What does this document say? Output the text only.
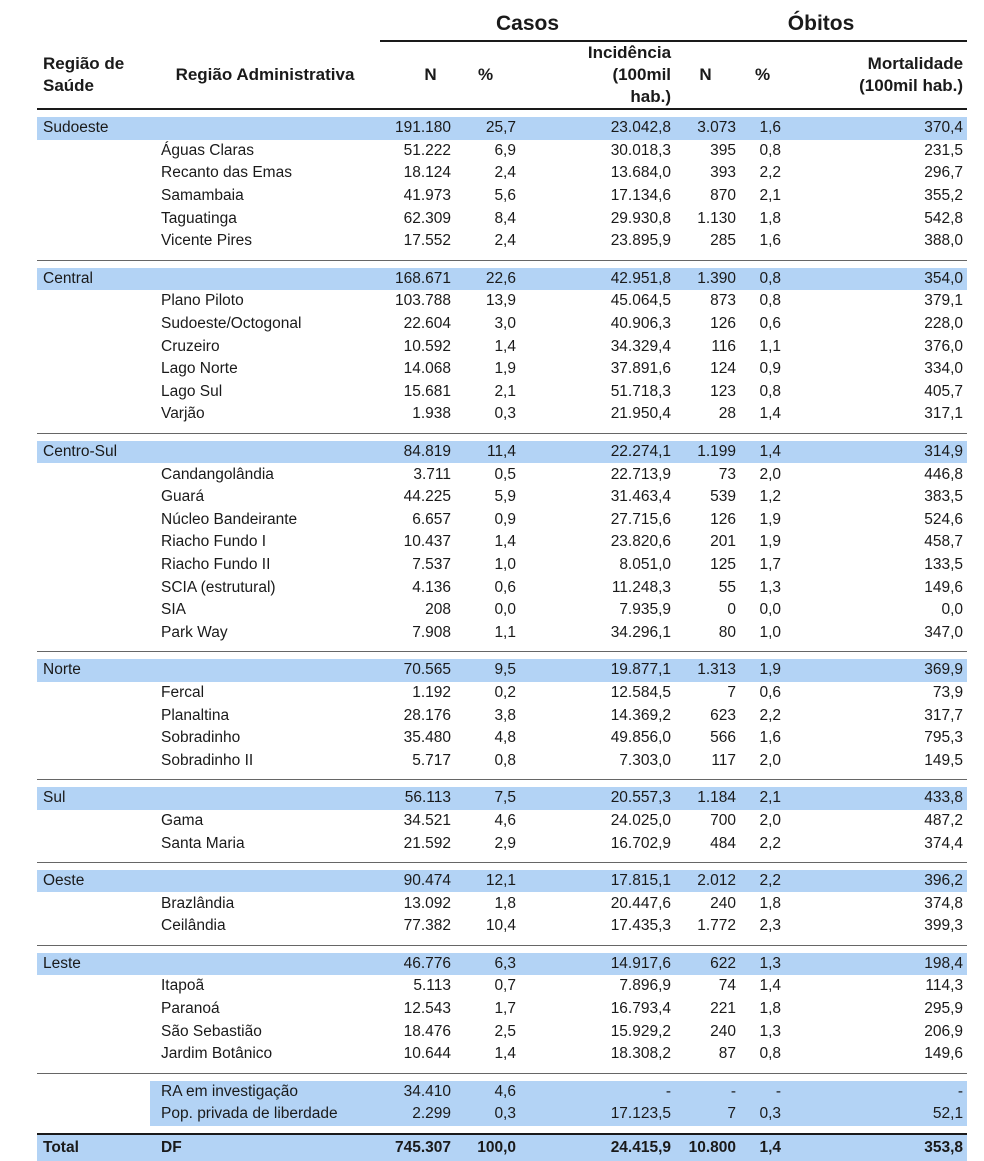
		Casos			Óbitos		
Região de Saúde	Região Administrativa	N	%	Incidência (100mil hab.)	N	%	Mortalidade (100mil hab.)

Sudoeste		191.180	25,7	23.042,8	3.073	1,6	370,4
	Águas Claras	51.222	6,9	30.018,3	395	0,8	231,5
	Recanto das Emas	18.124	2,4	13.684,0	393	2,2	296,7
	Samambaia	41.973	5,6	17.134,6	870	2,1	355,2
	Taguatinga	62.309	8,4	29.930,8	1.130	1,8	542,8
	Vicente Pires	17.552	2,4	23.895,9	285	1,6	388,0

Central		168.671	22,6	42.951,8	1.390	0,8	354,0
	Plano Piloto	103.788	13,9	45.064,5	873	0,8	379,1
	Sudoeste/Octogonal	22.604	3,0	40.906,3	126	0,6	228,0
	Cruzeiro	10.592	1,4	34.329,4	116	1,1	376,0
	Lago Norte	14.068	1,9	37.891,6	124	0,9	334,0
	Lago Sul	15.681	2,1	51.718,3	123	0,8	405,7
	Varjão	1.938	0,3	21.950,4	28	1,4	317,1

Centro-Sul		84.819	11,4	22.274,1	1.199	1,4	314,9
	Candangolândia	3.711	0,5	22.713,9	73	2,0	446,8
	Guará	44.225	5,9	31.463,4	539	1,2	383,5
	Núcleo Bandeirante	6.657	0,9	27.715,6	126	1,9	524,6
	Riacho Fundo I	10.437	1,4	23.820,6	201	1,9	458,7
	Riacho Fundo II	7.537	1,0	8.051,0	125	1,7	133,5
	SCIA (estrutural)	4.136	0,6	11.248,3	55	1,3	149,6
	SIA	208	0,0	7.935,9	0	0,0	0,0
	Park Way	7.908	1,1	34.296,1	80	1,0	347,0

Norte		70.565	9,5	19.877,1	1.313	1,9	369,9
	Fercal	1.192	0,2	12.584,5	7	0,6	73,9
	Planaltina	28.176	3,8	14.369,2	623	2,2	317,7
	Sobradinho	35.480	4,8	49.856,0	566	1,6	795,3
	Sobradinho II	5.717	0,8	7.303,0	117	2,0	149,5

Sul		56.113	7,5	20.557,3	1.184	2,1	433,8
	Gama	34.521	4,6	24.025,0	700	2,0	487,2
	Santa Maria	21.592	2,9	16.702,9	484	2,2	374,4

Oeste		90.474	12,1	17.815,1	2.012	2,2	396,2
	Brazlândia	13.092	1,8	20.447,6	240	1,8	374,8
	Ceilândia	77.382	10,4	17.435,3	1.772	2,3	399,3

Leste		46.776	6,3	14.917,6	622	1,3	198,4
	Itapoã	5.113	0,7	7.896,9	74	1,4	114,3
	Paranoá	12.543	1,7	16.793,4	221	1,8	295,9
	São Sebastião	18.476	2,5	15.929,2	240	1,3	206,9
	Jardim Botânico	10.644	1,4	18.308,2	87	0,8	149,6

	RA em investigação	34.410	4,6	-	-	-	-
	Pop. privada de liberdade	2.299	0,3	17.123,5	7	0,3	52,1

Total	DF	745.307	100,0	24.415,9	10.800	1,4	353,8
